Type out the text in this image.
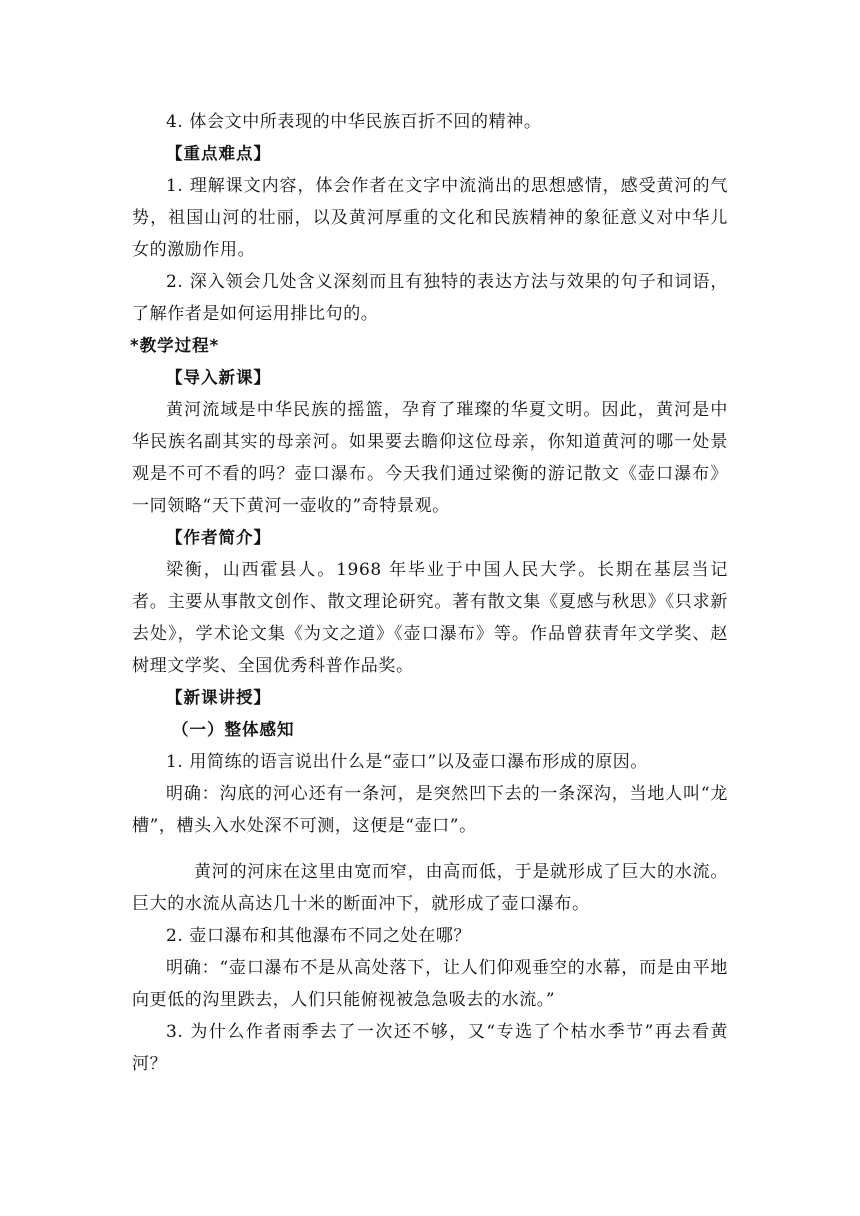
4. 体会文中所表现的中华民族百折不回的精神。

【重点难点】

1. 理解课文内容，体会作者在文字中流淌出的思想感情，感受黄河的气势，祖国山河的壮丽，以及黄河厚重的文化和民族精神的象征意义对中华儿女的激励作用。

2. 深入领会几处含义深刻而且有独特的表达方法与效果的句子和词语，了解作者是如何运用排比句的。

*教学过程*

【导入新课】

黄河流域是中华民族的摇篮，孕育了璀璨的华夏文明。因此，黄河是中华民族名副其实的母亲河。如果要去瞻仰这位母亲，你知道黄河的哪一处景观是不可不看的吗？壶口瀑布。今天我们通过梁衡的游记散文《壶口瀑布》一同领略“天下黄河一壶收的”奇特景观。

【作者简介】

梁衡，山西霍县人。1968 年毕业于中国人民大学。长期在基层当记者。主要从事散文创作、散文理论研究。著有散文集《夏感与秋思》《只求新去处》，学术论文集《为文之道》《壶口瀑布》等。作品曾获青年文学奖、赵树理文学奖、全国优秀科普作品奖。

【新课讲授】

（一）整体感知

1. 用简练的语言说出什么是“壶口”以及壶口瀑布形成的原因。

明确：沟底的河心还有一条河，是突然凹下去的一条深沟，当地人叫“龙槽”，槽头入水处深不可测，这便是“壶口”。

黄河的河床在这里由宽而窄，由高而低，于是就形成了巨大的水流。 巨大的水流从高达几十米的断面冲下，就形成了壶口瀑布。

2. 壶口瀑布和其他瀑布不同之处在哪？

明确：“壶口瀑布不是从高处落下，让人们仰观垂空的水幕，而是由平地向更低的沟里跌去，人们只能俯视被急急吸去的水流。”

3. 为什么作者雨季去了一次还不够，又“专选了个枯水季节”再去看黄河？
